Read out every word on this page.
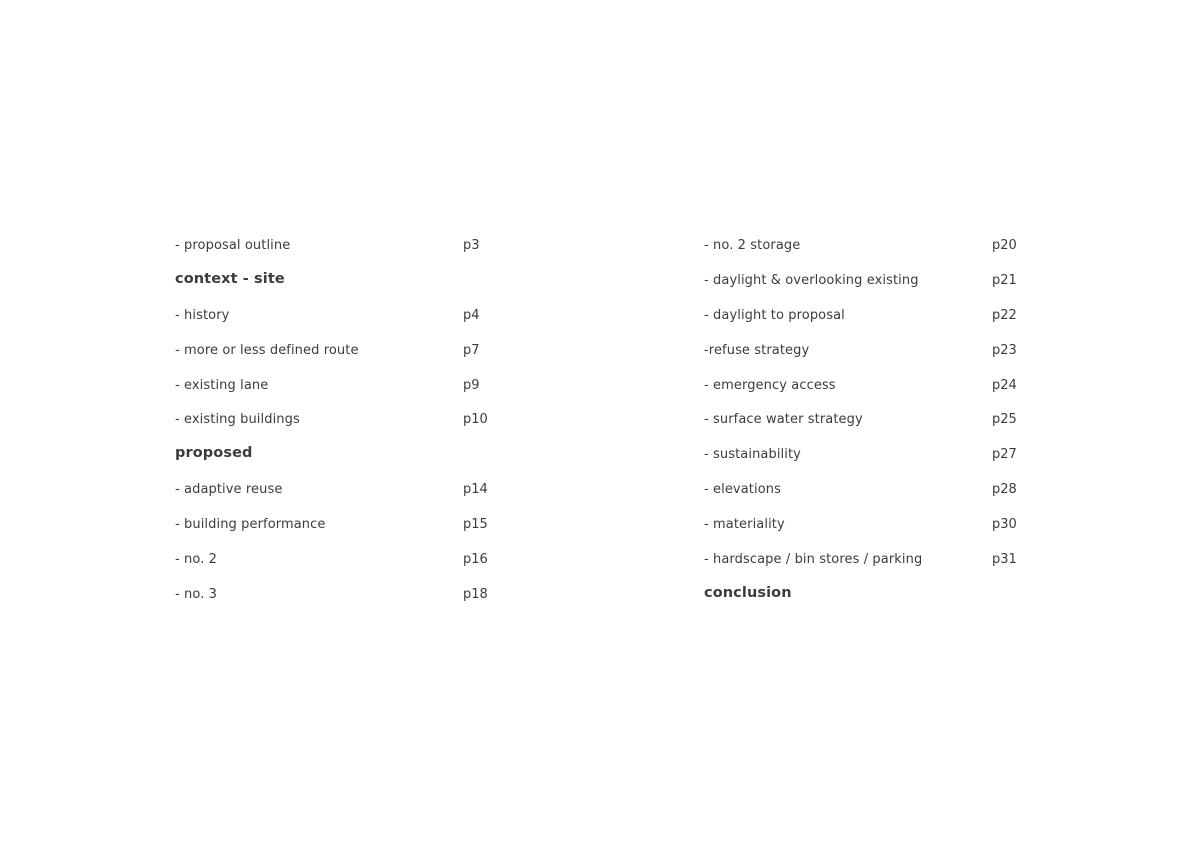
- proposal outline	p3
context - site
- history	p4
- more or less defined route	p7
- existing lane	p9
- existing buildings	p10
proposed
- adaptive reuse	p14
- building performance	p15
- no. 2	p16
- no. 3	p18
- no. 2 storage	p20
- daylight & overlooking existing	p21
- daylight to proposal	p22
-refuse strategy	p23
- emergency access	p24
- surface water strategy	p25
- sustainability	p27
- elevations	p28
- materiality	p30
- hardscape / bin stores / parking	p31
conclusion
